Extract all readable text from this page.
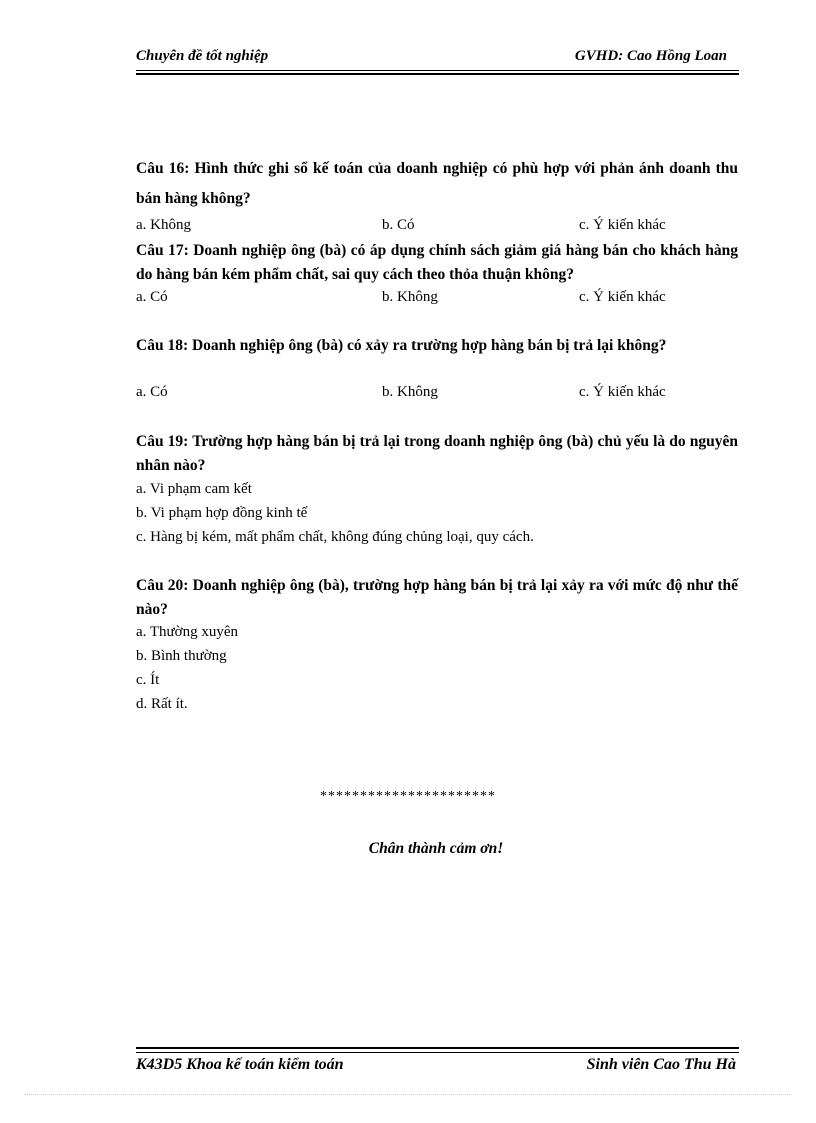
Chuyên đề tốt nghiệp	GVHD: Cao Hồng Loan
Câu 16: Hình thức ghi sổ kế toán của doanh nghiệp có phù hợp với phản ánh doanh thu bán hàng không?
a. Không	b. Có	c. Ý kiến khác
Câu 17: Doanh nghiệp ông (bà) có áp dụng chính sách giảm giá hàng bán cho khách hàng do hàng bán kém phẩm chất, sai quy cách theo thỏa thuận không?
a. Có	b. Không	c. Ý kiến khác
Câu 18: Doanh nghiệp ông (bà) có xảy ra trường hợp hàng bán bị trả lại không?
a. Có	b. Không	c. Ý kiến khác
Câu 19: Trường hợp hàng bán bị trả lại trong doanh nghiệp ông (bà) chủ yếu là do nguyên nhân nào?
a. Vi phạm cam kết
b. Vi phạm hợp đồng kinh tế
c. Hàng bị kém, mất phẩm chất, không đúng chủng loại, quy cách.
Câu 20: Doanh nghiệp ông (bà), trường hợp hàng bán bị trả lại xảy ra với mức độ như thế nào?
a. Thường xuyên
b. Bình thường
c. Ít
d. Rất ít.
**********************
Chân thành cảm ơn!
K43D5 Khoa kế toán kiểm toán	Sinh viên Cao Thu Hà
